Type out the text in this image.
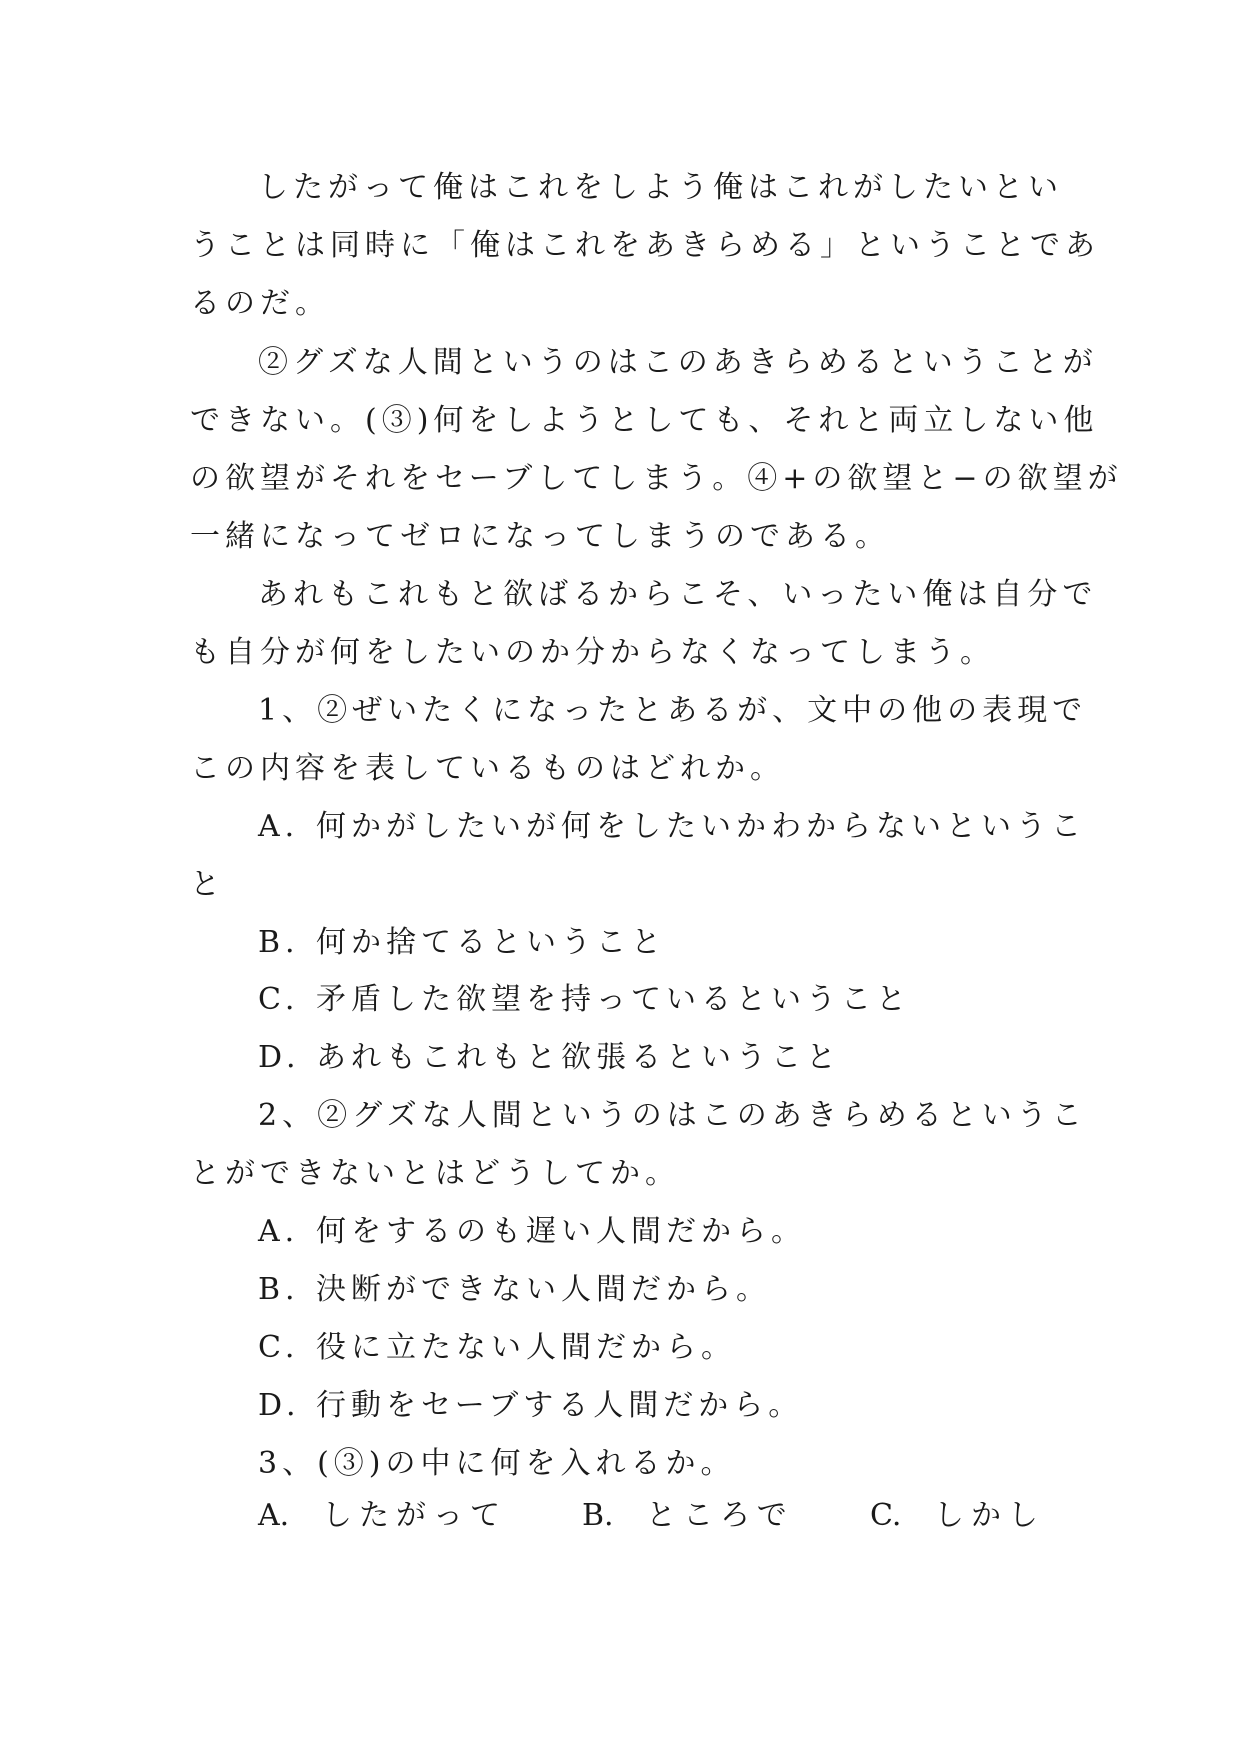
したがって俺はこれをしよう俺はこれがしたいとい
うことは同時に「俺はこれをあきらめる」ということであ
るのだ。
②グズな人間というのはこのあきらめるということが
できない。(③)何をしようとしても、それと両立しない他
の欲望がそれをセーブしてしまう。④+の欲望と−の欲望が
一緒になってゼロになってしまうのである。
あれもこれもと欲ばるからこそ、いったい俺は自分で
も自分が何をしたいのか分からなくなってしまう。
1、②ぜいたくになったとあるが、文中の他の表現で
この内容を表しているものはどれか。
A. 何かがしたいが何をしたいかわからないというこ
と
B. 何か捨てるということ
C. 矛盾した欲望を持っているということ
D. あれもこれもと欲張るということ
2、②グズな人間というのはこのあきらめるというこ
とができないとはどうしてか。
A. 何をするのも遅い人間だから。
B. 決断ができない人間だから。
C. 役に立たない人間だから。
D. 行動をセーブする人間だから。
3、(③)の中に何を入れるか。
A. したがって	B. ところで	C. しかし
